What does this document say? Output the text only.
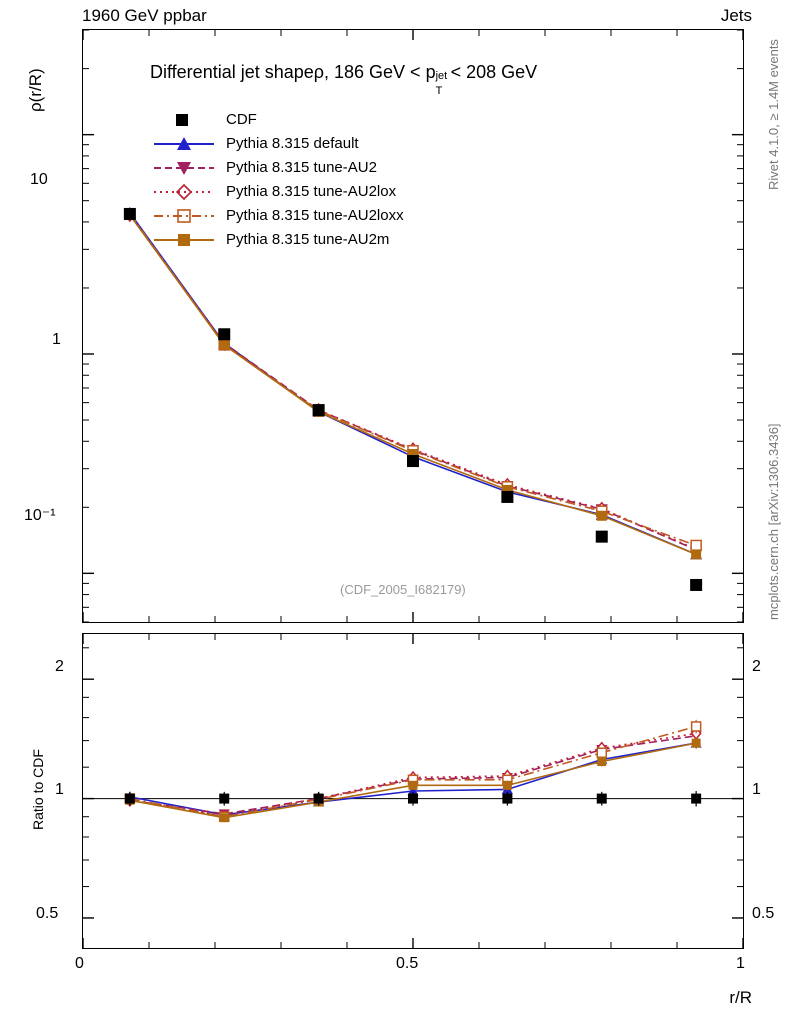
1960 GeV ppbar	Jets
Differential jet shapeρ, 186 GeV < p
T
jet
< 208 GeV
(CDF_2005_I682179)
ρ(r/R)
Ratio to CDF
r/R
Rivet 4.1.0, ≥ 1.4M events
mcplots.cern.ch [arXiv:1306.3436]
10
1
10⁻¹
2
1
0.5
2
1
0.5
0	0.5	1
CDF
Pythia 8.315 default
Pythia 8.315 tune-AU2
Pythia 8.315 tune-AU2lox
Pythia 8.315 tune-AU2loxx
Pythia 8.315 tune-AU2m
